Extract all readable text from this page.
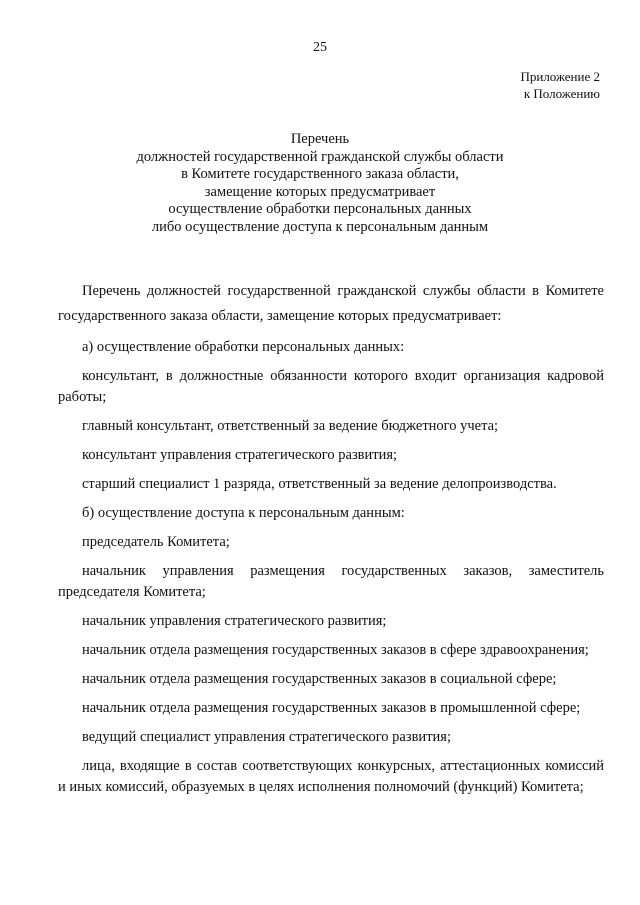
25
Приложение 2
к Положению
Перечень
должностей государственной гражданской службы области
в Комитете государственного заказа области,
замещение которых предусматривает
осуществление обработки персональных данных
либо осуществление доступа к персональным данным

Перечень должностей государственной гражданской службы области в Комитете государственного заказа области, замещение которых предусматривает:

а) осуществление обработки персональных данных:

консультант, в должностные обязанности которого входит организация кадровой работы;

главный консультант, ответственный за ведение бюджетного учета;

консультант управления стратегического развития;

старший специалист 1 разряда, ответственный за ведение делопроизводства.

б) осуществление доступа к персональным данным:

председатель Комитета;

начальник управления размещения государственных заказов, заместитель председателя Комитета;

начальник управления стратегического развития;

начальник отдела размещения государственных заказов в сфере здравоохранения;

начальник отдела размещения государственных заказов в социальной сфере;

начальник отдела размещения государственных заказов в промышленной сфере;

ведущий специалист управления стратегического развития;

лица, входящие в состав соответствующих конкурсных, аттестационных комиссий и иных комиссий, образуемых в целях исполнения полномочий (функций) Комитета;
